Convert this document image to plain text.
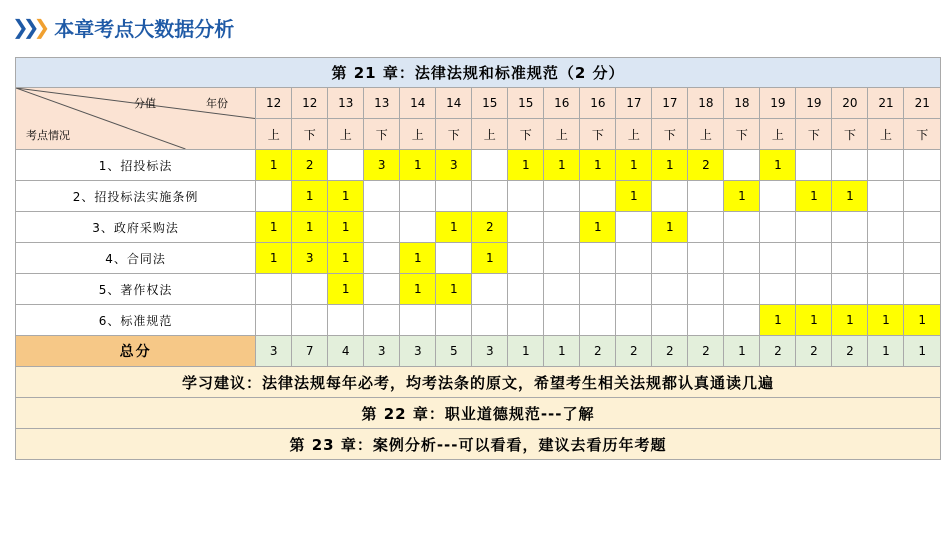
❯ ❯ ❯ 本章考点大数据分析
第 21 章：法律法规和标准规范（2 分）																			

分值 年份
考点情况	12	12	13	13	14	14	15	15	16	16	17	17	18	18	19	19	20	21	21
	上	下	上	下	上	下	上	下	上	下	上	下	上	下	上	下	下	上	下
1、招投标法	1	2		3	1	3		1	1	1	1	1	2		1				
2、招投标法实施条例		1	1								1			1		1	1		
3、政府采购法	1	1	1			1	2			1		1							
4、合同法	1	3	1		1		1												
5、著作权法			1		1	1													
6、标准规范															1	1	1	1	1
总分	3	7	4	3	3	5	3	1	1	2	2	2	2	1	2	2	2	1	1
学习建议：法律法规每年必考，均考法条的原文，希望考生相关法规都认真通读几遍																			
第 22 章：职业道德规范---了解																			
第 23 章：案例分析---可以看看，建议去看历年考题																			
